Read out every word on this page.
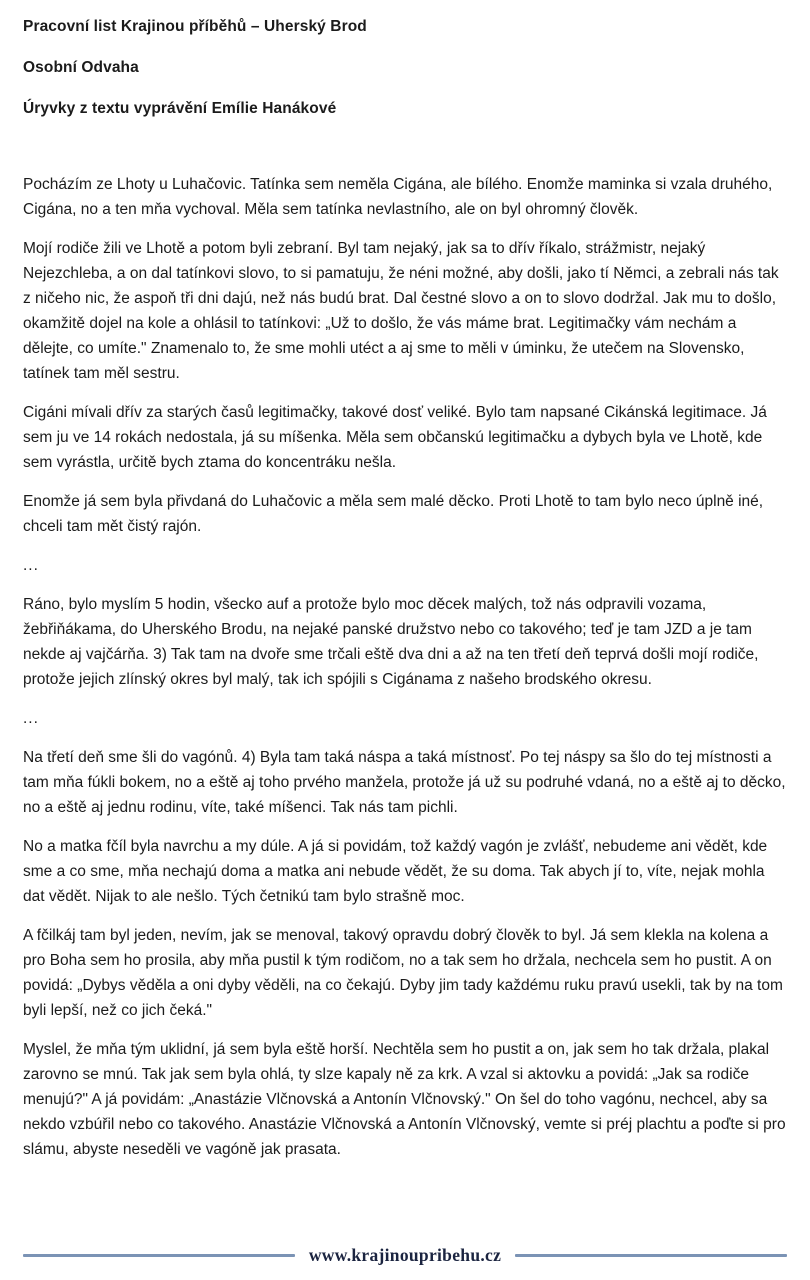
Pracovní list Krajinou příběhů – Uherský Brod
Osobní Odvaha
Úryvky z textu vyprávění Emílie Hanákové

Pocházím ze Lhoty u Luhačovic. Tatínka sem neměla Cigána, ale bílého. Enomže maminka si vzala druhého, Cigána, no a ten mňa vychoval. Měla sem tatínka nevlastního, ale on byl ohromný člověk.

Mojí rodiče žili ve Lhotě a potom byli zebraní. Byl tam nejaký, jak sa to dřív říkalo, strážmistr, nejaký Nejezchleba, a on dal tatínkovi slovo, to si pamatuju, že néni možné, aby došli, jako tí Němci, a zebrali nás tak z ničeho nic, že aspoň tři dni dajú, než nás budú brat. Dal čestné slovo a on to slovo dodržal. Jak mu to došlo, okamžitě dojel na kole a ohlásil to tatínkovi: „Už to došlo, že vás máme brat. Legitimačky vám nechám a dělejte, co umíte." Znamenalo to, že sme mohli utéct a aj sme to měli v úminku, že utečem na Slovensko, tatínek tam měl sestru.

Cigáni mívali dřív za starých časů legitimačky, takové dosť veliké. Bylo tam napsané Cikánská legitimace. Já sem ju ve 14 rokách nedostala, já su míšenka. Měla sem občanskú legitimačku a dybych byla ve Lhotě, kde sem vyrástla, určitě bych ztama do koncentráku nešla.

Enomže já sem byla přivdaná do Luhačovic a měla sem malé děcko. Proti Lhotě to tam bylo neco úplně iné, chceli tam mět čistý rajón.

...

Ráno, bylo myslím 5 hodin, všecko auf a protože bylo moc děcek malých, tož nás odpravili vozama, žebřiňákama, do Uherského Brodu, na nejaké panské družstvo nebo co takového; teď je tam JZD a je tam nekde aj vajčárňa. 3) Tak tam na dvoře sme trčali eště dva dni a až na ten třetí deň teprvá došli mojí rodiče, protože jejich zlínský okres byl malý, tak ich spójili s Cigánama z našeho brodského okresu.

...

Na třetí deň sme šli do vagónů. 4) Byla tam taká náspa a taká místnosť. Po tej náspy sa šlo do tej místnosti a tam mňa fúkli bokem, no a eště aj toho prvého manžela, protože já už su podruhé vdaná, no a eště aj to děcko, no a eště aj jednu rodinu, víte, také míšenci. Tak nás tam pichli.

No a matka fčíl byla navrchu a my dúle. A já si povidám, tož každý vagón je zvlášť, nebudeme ani vědět, kde sme a co sme, mňa nechajú doma a matka ani nebude vědět, že su doma. Tak abych jí to, víte, nejak mohla dat vědět. Nijak to ale nešlo. Tých četnikú tam bylo strašně moc.

A fčilkáj tam byl jeden, nevím, jak se menoval, takový opravdu dobrý člověk to byl. Já sem klekla na kolena a pro Boha sem ho prosila, aby mňa pustil k tým rodičom, no a tak sem ho držala, nechcela sem ho pustit. A on povidá: „Dybys věděla a oni dyby věděli, na co čekajú. Dyby jim tady každému ruku pravú usekli, tak by na tom byli lepší, než co jich čeká."

Myslel, že mňa tým uklidní, já sem byla eště horší. Nechtěla sem ho pustit a on, jak sem ho tak držala, plakal zarovno se mnú. Tak jak sem byla ohlá, ty slze kapaly ně za krk. A vzal si aktovku a povidá: „Jak sa rodiče menujú?" A já povidám: „Anastázie Vlčnovská a Antonín Vlčnovský." On šel do toho vagónu, nechcel, aby sa nekdo vzbúřil nebo co takového. Anastázie Vlčnovská a Antonín Vlčnovský, vemte si préj plachtu a poďte si pro slámu, abyste neseděli ve vagóně jak prasata.

www.krajinoupribehu.cz
